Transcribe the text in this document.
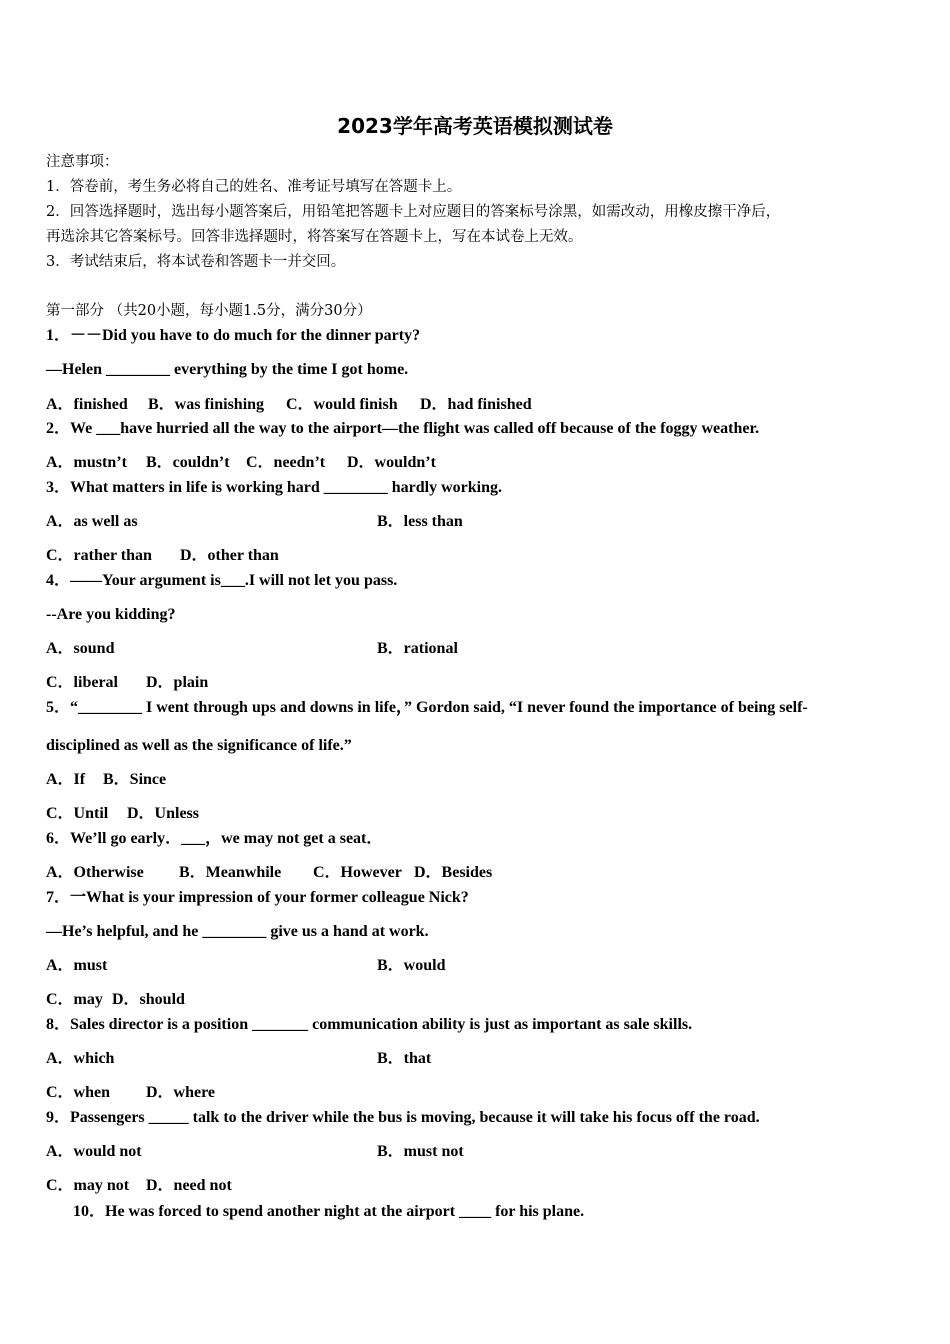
2023学年高考英语模拟测试卷
注意事项：
1．答卷前，考生务必将自己的姓名、准考证号填写在答题卡上。
2．回答选择题时，选出每小题答案后，用铅笔把答题卡上对应题目的答案标号涂黑，如需改动，用橡皮擦干净后，
再选涂其它答案标号。回答非选择题时，将答案写在答题卡上，写在本试卷上无效。
3．考试结束后，将本试卷和答题卡一并交回。
第一部分 （共20小题，每小题1.5分，满分30分）
1．－－Did you have to do much for the dinner party?
—Helen ________ everything by the time I got home.
A．finished B．was finishing C．would finish D．had finished
2．We ___have hurried all the way to the airport—the flight was called off because of the foggy weather.
A．mustn’t B．couldn’t C．needn’t D．wouldn’t
3．What matters in life is working hard ________ hardly working.
A．as well as	B．less than
C．rather than D．other than
4．——Your argument is___.I will not let you pass.
--Are you kidding?
A．sound	B．rational
C．liberal D．plain
5．“________ I went through ups and downs in life，” Gordon said, “I never found the importance of being self-
disciplined as well as the significance of life.”
A．If B．Since
C．Until D．Unless
6．We’ll go early．___，we may not get a seat．
A．Otherwise B．Meanwhile C．However D．Besides
7．一What is your impression of your former colleague Nick?
—He’s helpful, and he ________ give us a hand at work.
A．must	B．would
C．may D．should
8．Sales director is a position _______ communication ability is just as important as sale skills.
A．which	B．that
C．when D．where
9．Passengers _____ talk to the driver while the bus is moving, because it will take his focus off the road.
A．would not	B．must not
C．may not D．need not
10．He was forced to spend another night at the airport ____ for his plane.
